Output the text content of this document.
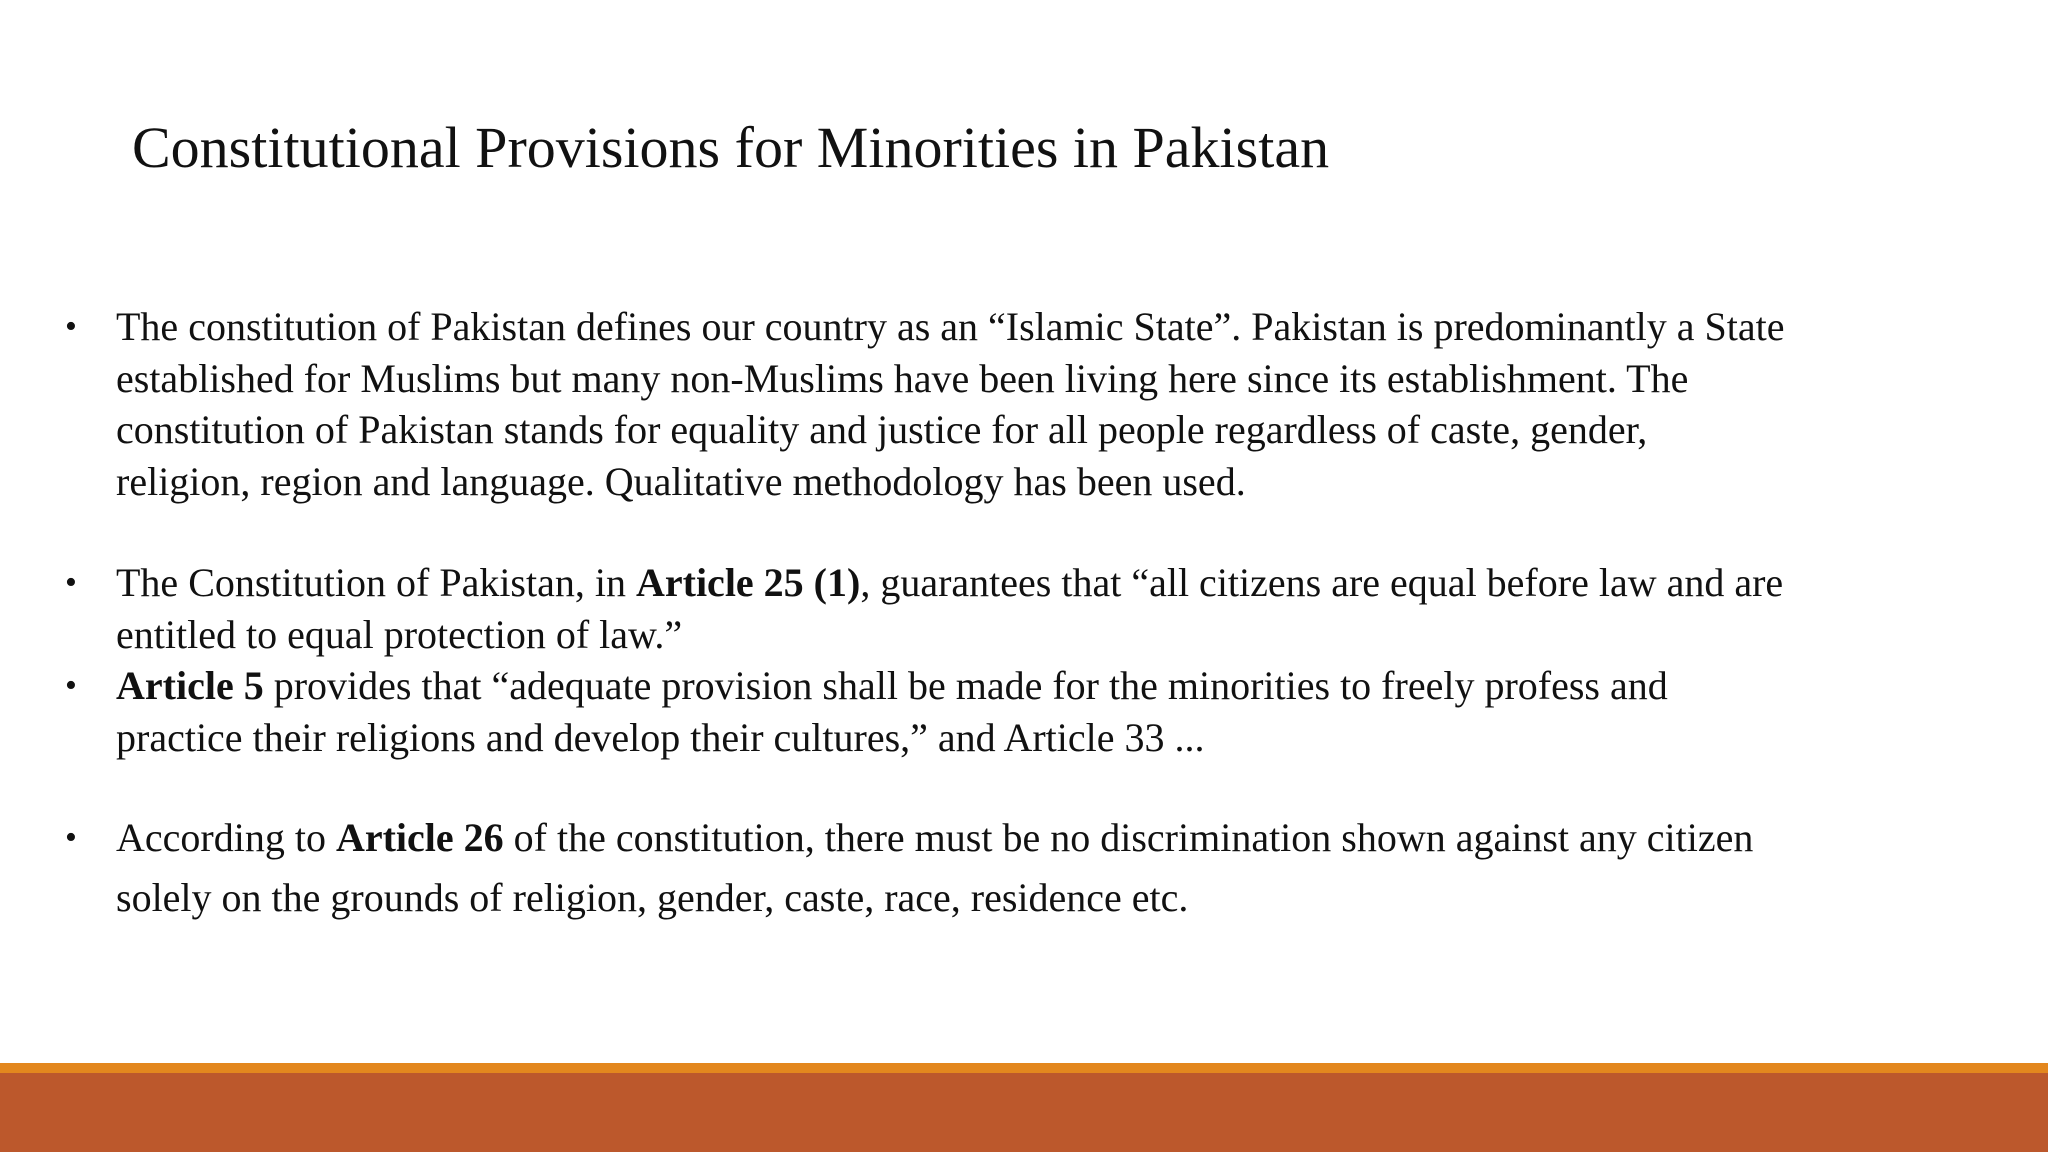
Constitutional Provisions for Minorities in Pakistan
• The constitution of Pakistan defines our country as an “Islamic State”. Pakistan is predominantly a State
established for Muslims but many non-Muslims have been living here since its establishment. The
constitution of Pakistan stands for equality and justice for all people regardless of caste, gender,
religion, region and language. Qualitative methodology has been used.
• The Constitution of Pakistan, in Article 25 (1), guarantees that “all citizens are equal before law and are
entitled to equal protection of law.”
• Article 5 provides that “adequate provision shall be made for the minorities to freely profess and
practice their religions and develop their cultures,” and Article 33 ...
• According to Article 26 of the constitution, there must be no discrimination shown against any citizen
solely on the grounds of religion, gender, caste, race, residence etc.
